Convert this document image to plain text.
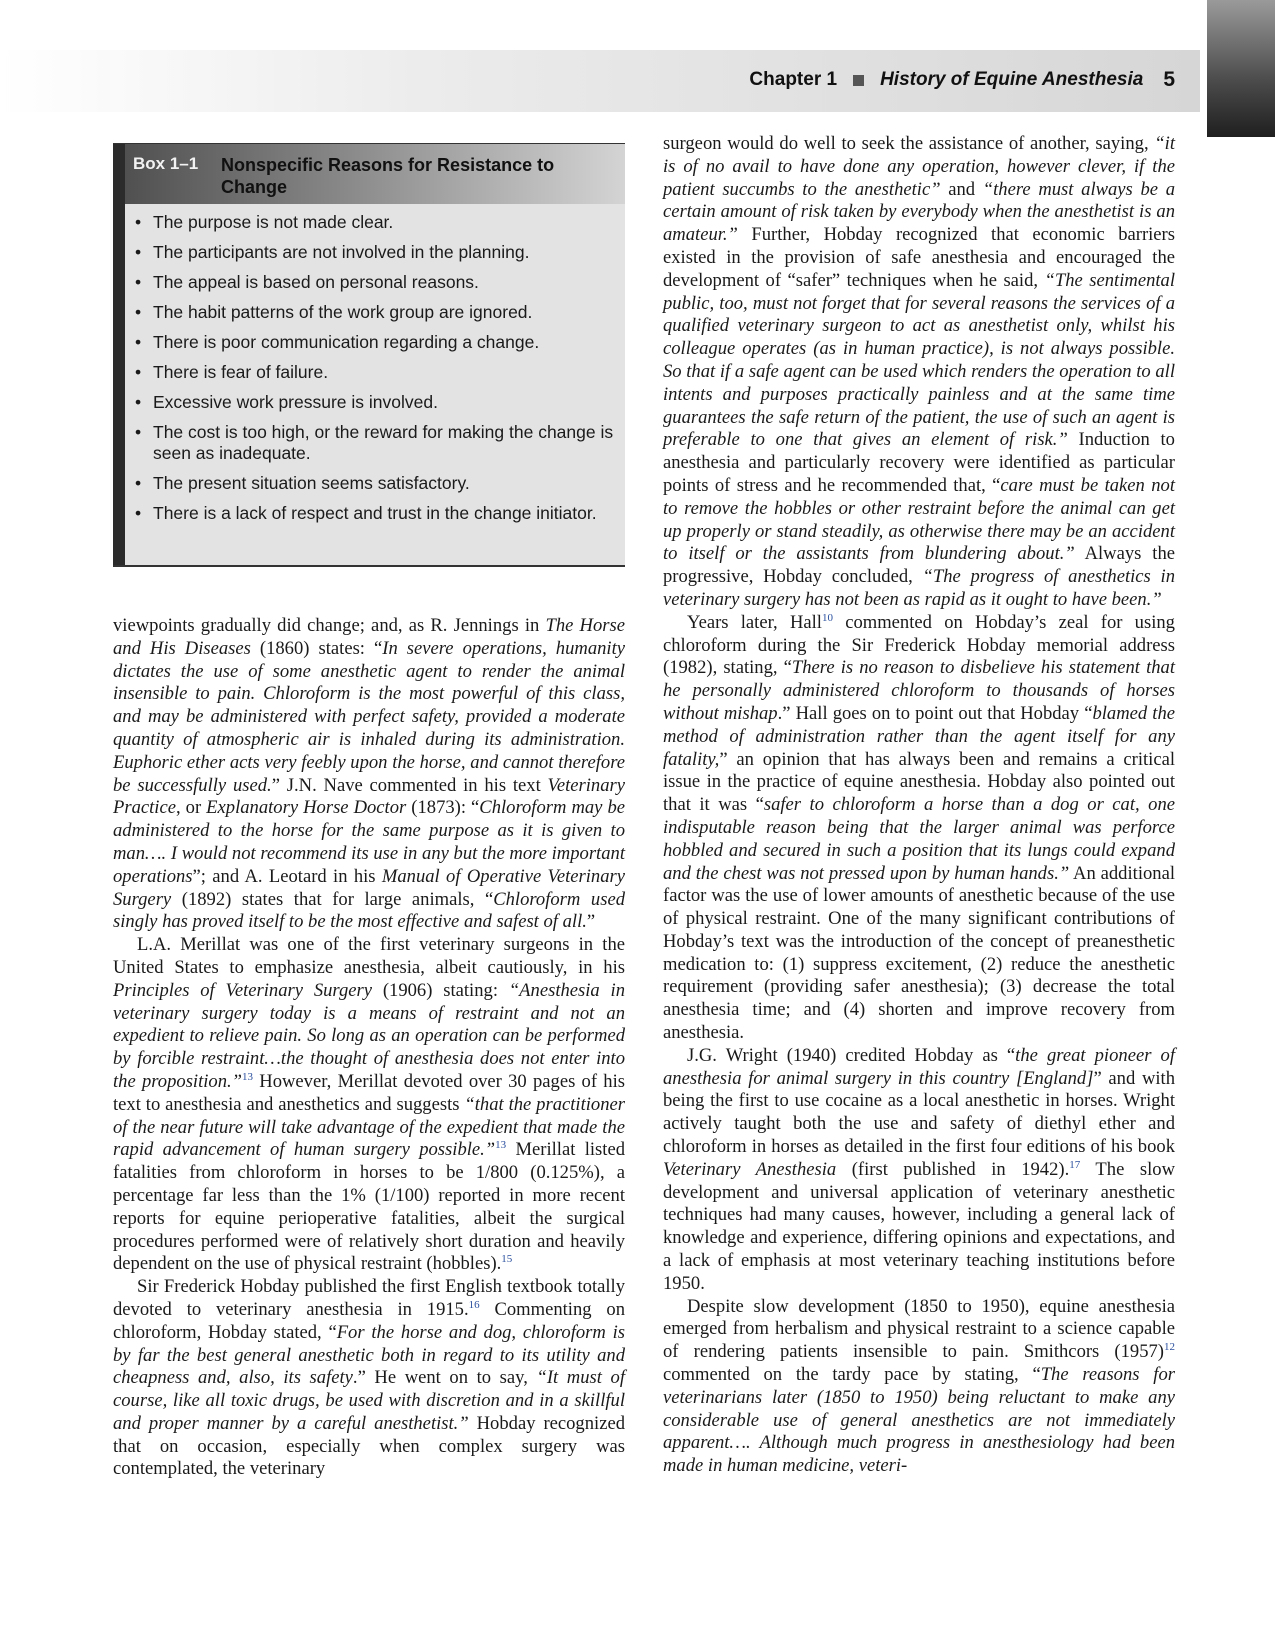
Chapter 1 History of Equine Anesthesia 5
Box 1–1	Nonspecific Reasons for Resistance to Change
• The purpose is not made clear.
• The participants are not involved in the planning.
• The appeal is based on personal reasons.
• The habit patterns of the work group are ignored.
• There is poor communication regarding a change.
• There is fear of failure.
• Excessive work pressure is involved.
• The cost is too high, or the reward for making the change is seen as inadequate.
• The present situation seems satisfactory.
• There is a lack of respect and trust in the change initiator.

viewpoints gradually did change; and, as R. Jennings in The Horse and His Diseases (1860) states: “In severe operations, humanity dictates the use of some anesthetic agent to render the animal insensible to pain. Chloroform is the most powerful of this class, and may be administered with perfect safety, provided a moderate quantity of atmospheric air is inhaled during its administration. Euphoric ether acts very feebly upon the horse, and cannot therefore be successfully used.” J.N. Nave commented in his text Veterinary Practice, or Explanatory Horse Doctor (1873): “Chloroform may be administered to the horse for the same purpose as it is given to man…. I would not recommend its use in any but the more important operations”; and A. Leotard in his Manual of Operative Veterinary Surgery (1892) states that for large animals, “Chloroform used singly has proved itself to be the most effective and safest of all.”

L.A. Merillat was one of the first veterinary surgeons in the United States to emphasize anesthesia, albeit cautiously, in his Principles of Veterinary Surgery (1906) stating: “Anesthesia in veterinary surgery today is a means of restraint and not an expedient to relieve pain. So long as an operation can be performed by forcible restraint…the thought of anesthesia does not enter into the proposition.”$^{13}$ However, Merillat devoted over 30 pages of his text to anesthesia and anesthetics and suggests “that the practitioner of the near future will take advantage of the expedient that made the rapid advancement of human surgery possible.”$^{13}$ Merillat listed fatalities from chloroform in horses to be 1/800 (0.125%), a percentage far less than the 1% (1/100) reported in more recent reports for equine perioperative fatalities, albeit the surgical procedures performed were of relatively short duration and heavily dependent on the use of physical restraint (hobbles).$^{15}$

Sir Frederick Hobday published the first English textbook totally devoted to veterinary anesthesia in 1915.16 Commenting on chloroform, Hobday stated, “For the horse and dog, chloroform is by far the best general anesthetic both in regard to its utility and cheapness and, also, its safety.” He went on to say, “It must of course, like all toxic drugs, be used with discretion and in a skillful and proper manner by a careful anesthetist.” Hobday recognized that on occasion, especially when complex surgery was contemplated, the veterinary

surgeon would do well to seek the assistance of another, saying, “it is of no avail to have done any operation, however clever, if the patient succumbs to the anesthetic” and “there must always be a certain amount of risk taken by everybody when the anesthetist is an amateur.” Further, Hobday recognized that economic barriers existed in the provision of safe anesthesia and encouraged the development of “safer” techniques when he said, “The sentimental public, too, must not forget that for several reasons the services of a qualified veterinary surgeon to act as anesthetist only, whilst his colleague operates (as in human practice), is not always possible. So that if a safe agent can be used which renders the operation to all intents and purposes practically painless and at the same time guarantees the safe return of the patient, the use of such an agent is preferable to one that gives an element of risk.” Induction to anesthesia and particularly recovery were identified as particular points of stress and he recommended that, “care must be taken not to remove the hobbles or other restraint before the animal can get up properly or stand steadily, as otherwise there may be an accident to itself or the assistants from blundering about.” Always the progressive, Hobday concluded, “The progress of anesthetics in veterinary surgery has not been as rapid as it ought to have been.”

Years later, Hall$^{10}$ commented on Hobday’s zeal for using chloroform during the Sir Frederick Hobday memorial address (1982), stating, “There is no reason to disbelieve his statement that he personally administered chloroform to thousands of horses without mishap.” Hall goes on to point out that Hobday “blamed the method of administration rather than the agent itself for any fatality,” an opinion that has always been and remains a critical issue in the practice of equine anesthesia. Hobday also pointed out that it was “safer to chloroform a horse than a dog or cat, one indisputable reason being that the larger animal was perforce hobbled and secured in such a position that its lungs could expand and the chest was not pressed upon by human hands.” An additional factor was the use of lower amounts of anesthetic because of the use of physical restraint. One of the many significant contributions of Hobday’s text was the introduction of the concept of preanesthetic medication to: (1) suppress excitement, (2) reduce the anesthetic requirement (providing safer anesthesia); (3) decrease the total anesthesia time; and (4) shorten and improve recovery from anesthesia.

J.G. Wright (1940) credited Hobday as “the great pioneer of anesthesia for animal surgery in this country [England]” and with being the first to use cocaine as a local anesthetic in horses. Wright actively taught both the use and safety of diethyl ether and chloroform in horses as detailed in the first four editions of his book Veterinary Anesthesia (first published in 1942).$^{17}$ The slow development and universal application of veterinary anesthetic techniques had many causes, however, including a general lack of knowledge and experience, differing opinions and expectations, and a lack of emphasis at most veterinary teaching institutions before 1950.

Despite slow development (1850 to 1950), equine anesthesia emerged from herbalism and physical restraint to a science capable of rendering patients insensible to pain. Smithcors (1957)$^{12}$ commented on the tardy pace by stating, “The reasons for veterinarians later (1850 to 1950) being reluctant to make any considerable use of general anesthetics are not immediately apparent…. Although much progress in anesthesiology had been made in human medicine, veteri-
